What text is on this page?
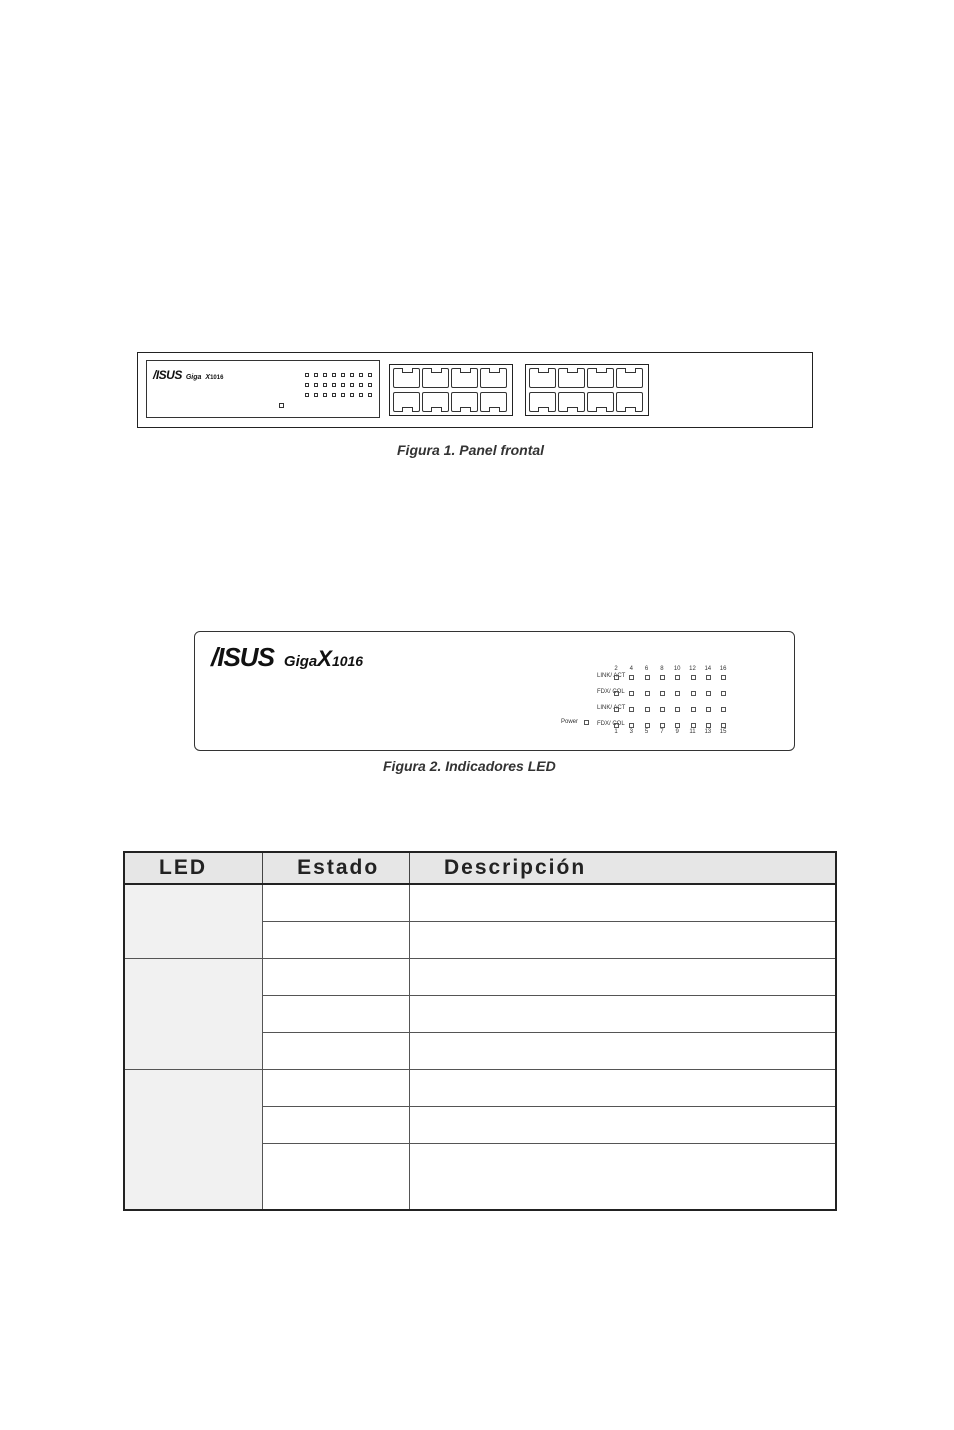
/ISUS Giga X1016
Figura 1. Panel frontal
/ISUS GigaX1016
Power
2	4	6	8	10	12	14	16
1	3	5	7	9	11	13	15
LINK/ ACT
FDX/ COL
LINK/ ACT
FDX/ COL
Figura 2. Indicadores LED
LED	Estado	Descripción
